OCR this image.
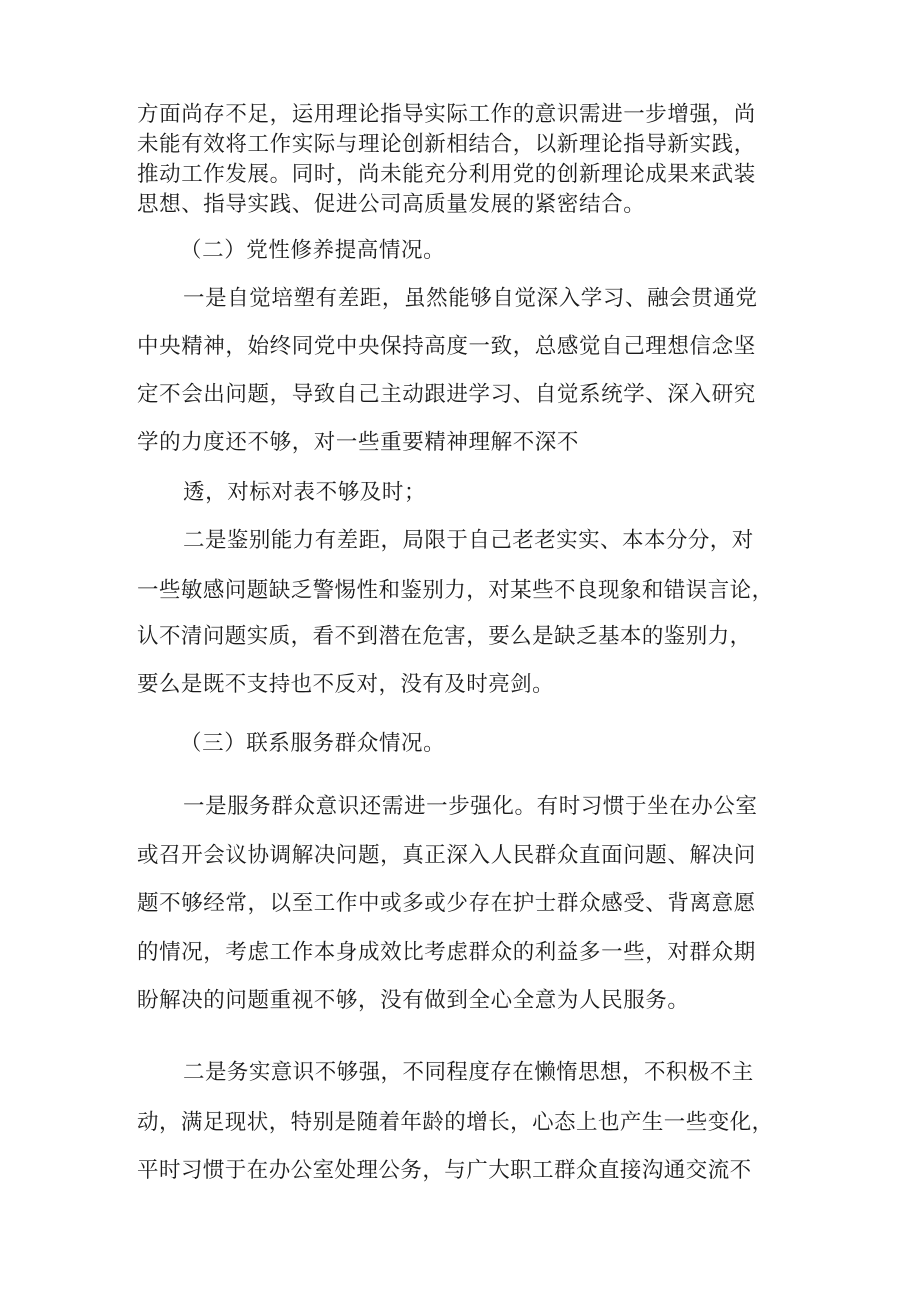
方面尚存不足，运用理论指导实际工作的意识需进一步增强，尚
未能有效将工作实际与理论创新相结合，以新理论指导新实践，
推动工作发展。同时，尚未能充分利用党的创新理论成果来武装
思想、指导实践、促进公司高质量发展的紧密结合。
（二）党性修养提高情况。
一是自觉培塑有差距，虽然能够自觉深入学习、融会贯通党
中央精神，始终同党中央保持高度一致，总感觉自己理想信念坚
定不会出问题，导致自己主动跟进学习、自觉系统学、深入研究
学的力度还不够，对一些重要精神理解不深不
透，对标对表不够及时；
二是鉴别能力有差距，局限于自己老老实实、本本分分，对
一些敏感问题缺乏警惕性和鉴别力，对某些不良现象和错误言论，
认不清问题实质，看不到潜在危害，要么是缺乏基本的鉴别力，
要么是既不支持也不反对，没有及时亮剑。
（三）联系服务群众情况。
一是服务群众意识还需进一步强化。有时习惯于坐在办公室
或召开会议协调解决问题，真正深入人民群众直面问题、解决问
题不够经常，以至工作中或多或少存在护士群众感受、背离意愿
的情况，考虑工作本身成效比考虑群众的利益多一些，对群众期
盼解决的问题重视不够，没有做到全心全意为人民服务。
二是务实意识不够强，不同程度存在懒惰思想，不积极不主
动，满足现状，特别是随着年龄的增长，心态上也产生一些变化，
平时习惯于在办公室处理公务，与广大职工群众直接沟通交流不
